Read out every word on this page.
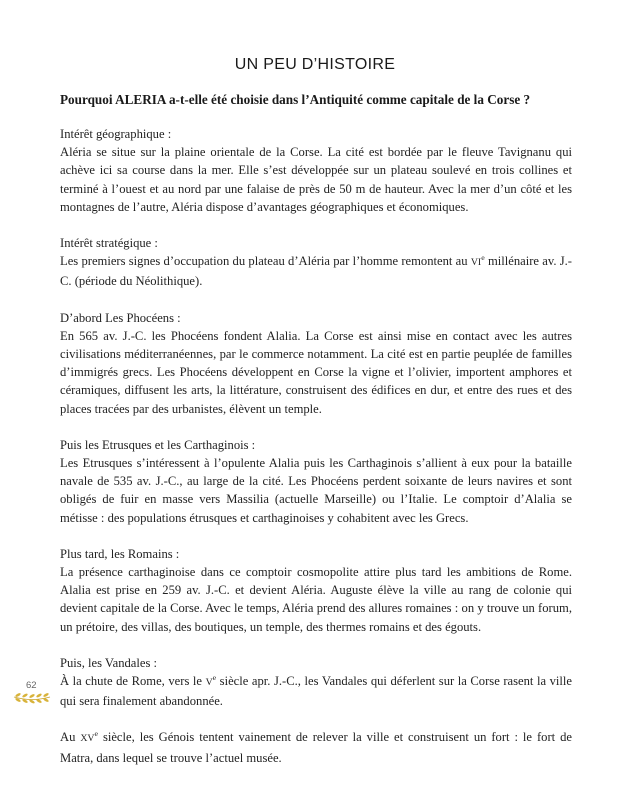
UN PEU D’HISTOIRE
Pourquoi ALERIA a-t-elle été choisie dans l’Antiquité comme capitale de la Corse ?
Intérêt géographique :

Aléria se situe sur la plaine orientale de la Corse. La cité est bordée par le fleuve Tavignanu qui achève ici sa course dans la mer. Elle s’est développée sur un plateau soulevé en trois collines et terminé à l’ouest et au nord par une falaise de près de 50 m de hauteur. Avec la mer d’un côté et les montagnes de l’autre, Aléria dispose d’avantages géographiques et économiques.

Intérêt stratégique :

Les premiers signes d’occupation du plateau d’Aléria par l’homme remontent au VIe millénaire av. J.-C. (période du Néolithique).

D’abord Les Phocéens :

En 565 av. J.-C. les Phocéens fondent Alalia. La Corse est ainsi mise en contact avec les autres civilisations méditerranéennes, par le commerce notamment. La cité est en partie peuplée de familles d’immigrés grecs. Les Phocéens développent en Corse la vigne et l’olivier, importent amphores et céramiques, diffusent les arts, la littérature, construisent des édifices en dur, et entre des rues et des places tracées par des urbanistes, élèvent un temple.

Puis les Etrusques et les Carthaginois :

Les Etrusques s’intéressent à l’opulente Alalia puis les Carthaginois s’allient à eux pour la bataille navale de 535 av. J.-C., au large de la cité. Les Phocéens perdent soixante de leurs navires et sont obligés de fuir en masse vers Massilia (actuelle Marseille) ou l’Italie. Le comptoir d’Alalia se métisse : des populations étrusques et carthaginoises y cohabitent avec les Grecs.

Plus tard, les Romains :

La présence carthaginoise dans ce comptoir cosmopolite attire plus tard les ambitions de Rome. Alalia est prise en 259 av. J.-C. et devient Aléria. Auguste élève la ville au rang de colonie qui devient capitale de la Corse. Avec le temps, Aléria prend des allures romaines : on y trouve un forum, un prétoire, des villas, des boutiques, un temple, des thermes romains et des égouts.

Puis, les Vandales :

À la chute de Rome, vers le Ve siècle apr. J.-C., les Vandales qui déferlent sur la Corse rasent la ville qui sera finalement abandonnée.

Au XVe siècle, les Génois tentent vainement de relever la ville et construisent un fort : le fort de Matra, dans lequel se trouve l’actuel musée.

62
